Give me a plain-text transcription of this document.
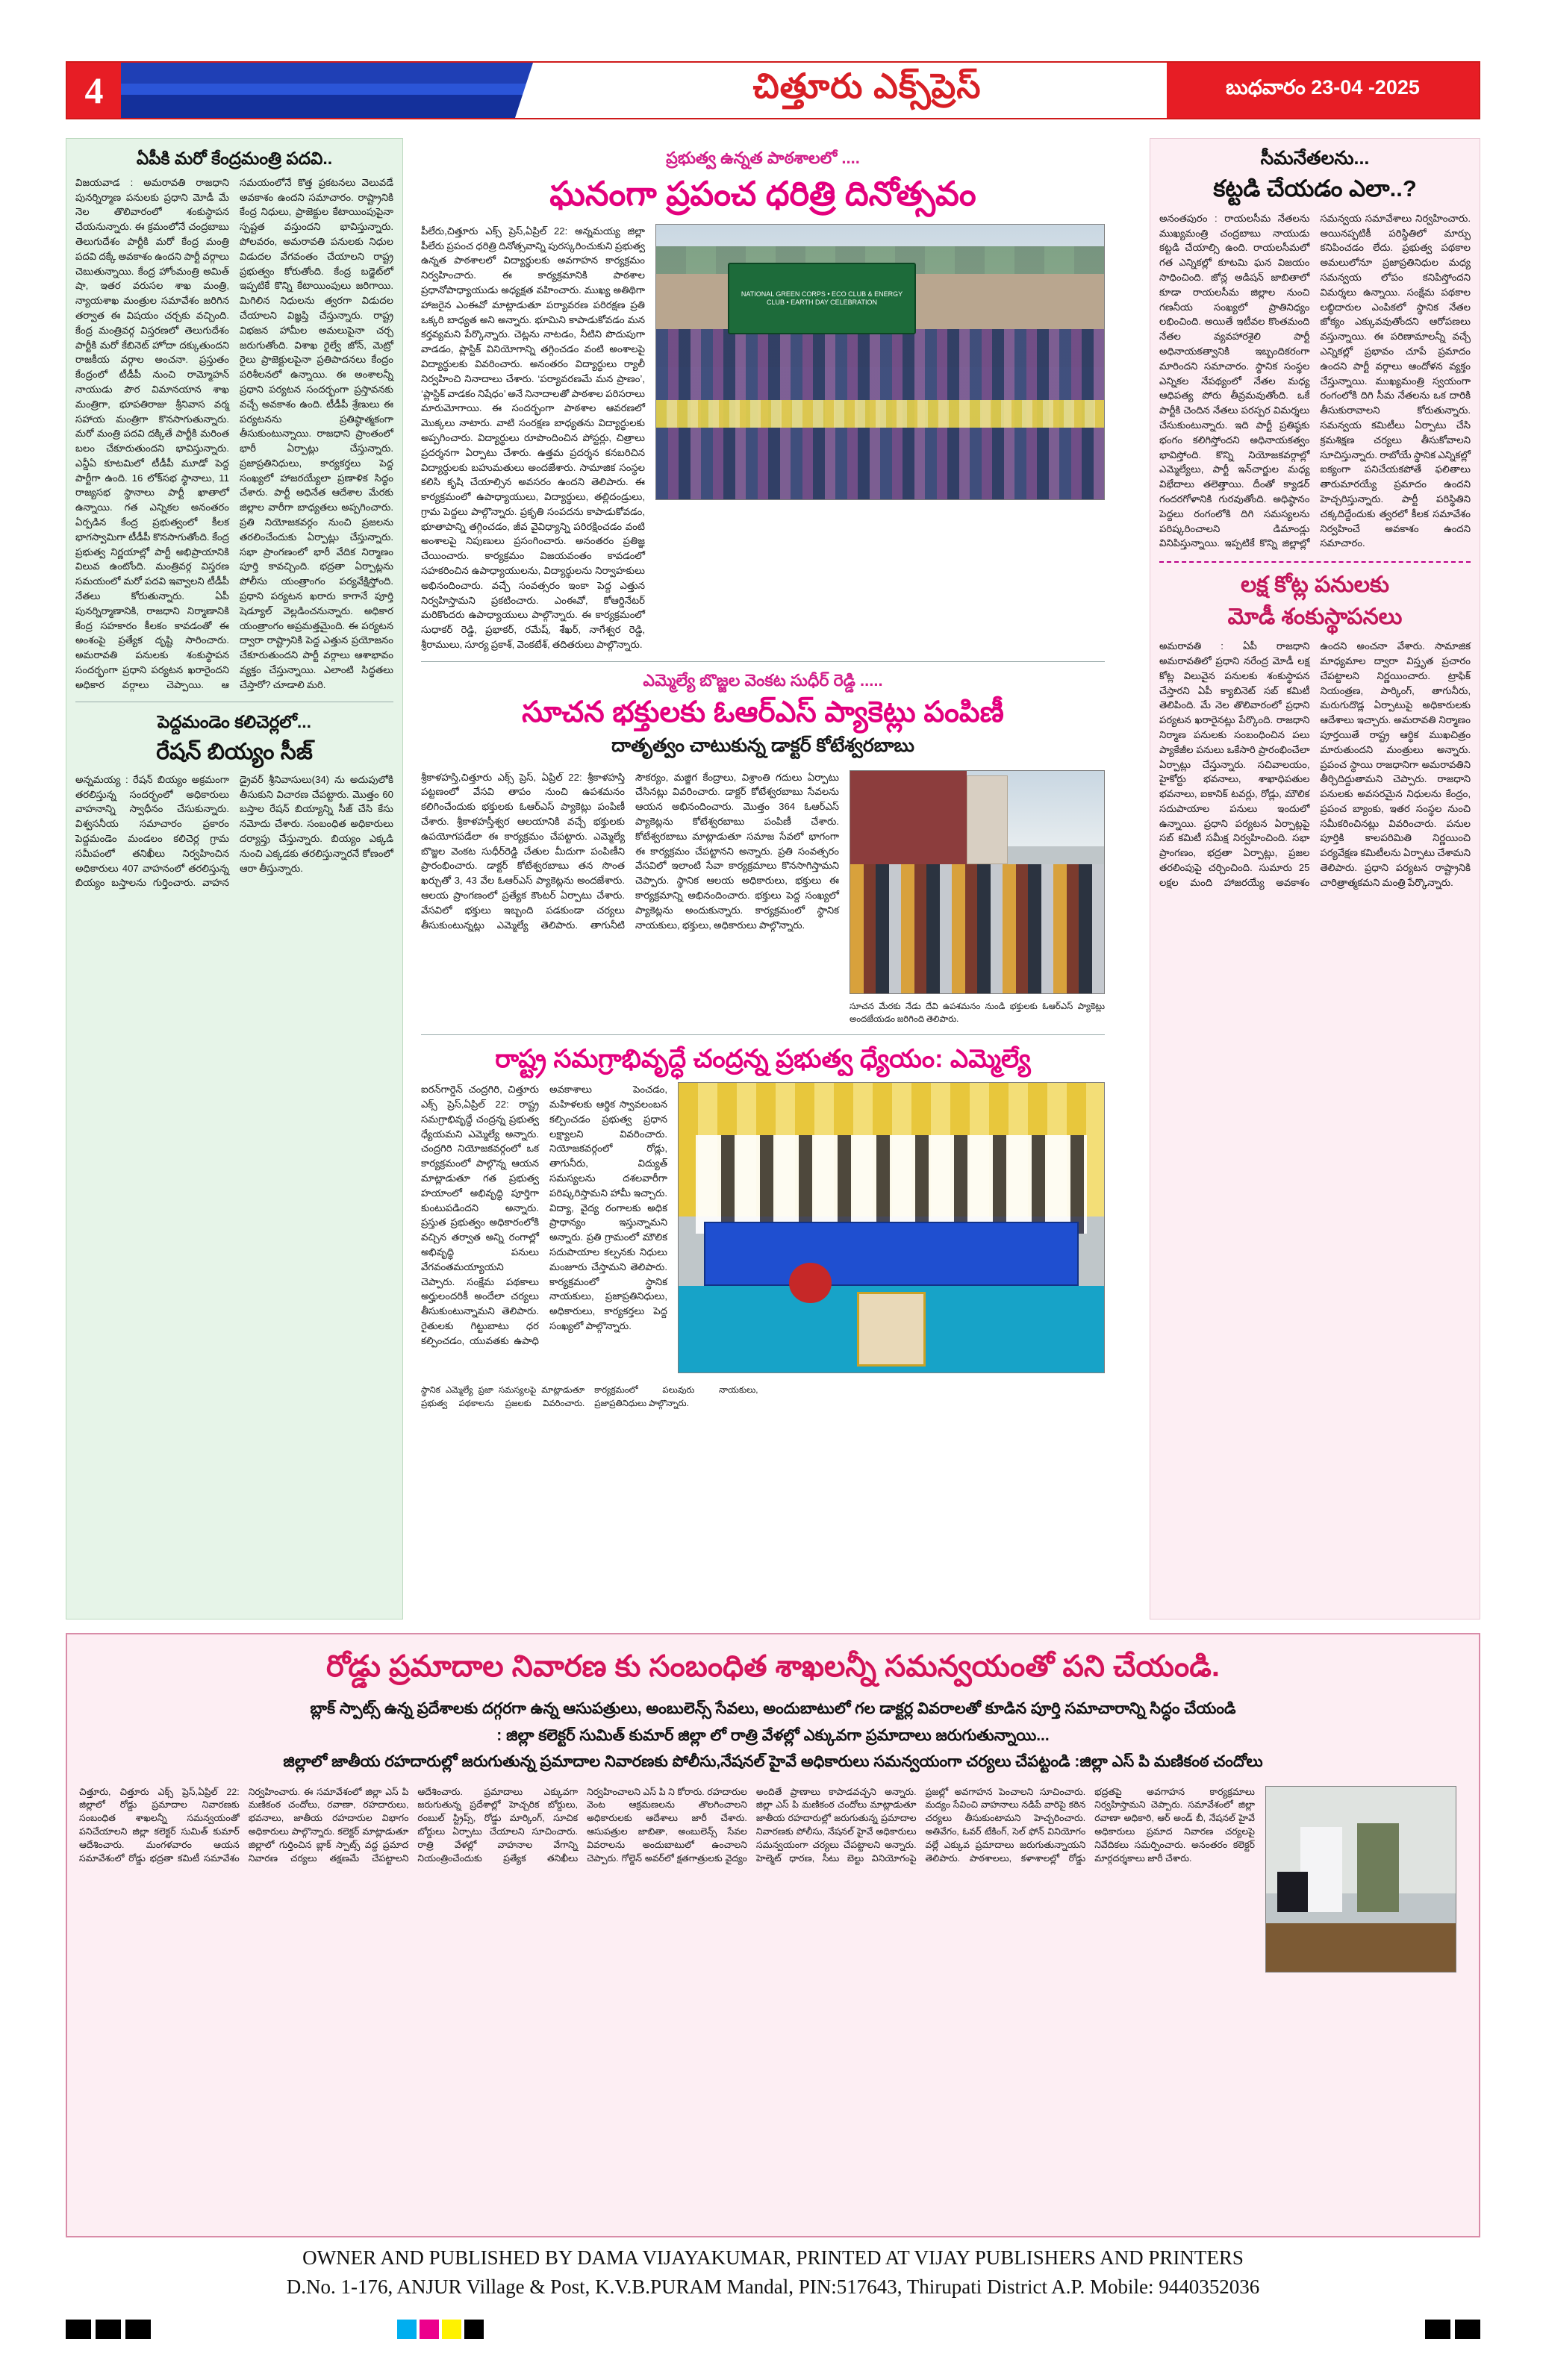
4	చిత్తూరు ఎక్స్‌ప్రెస్	బుధవారం 23-04 -2025
ఏపీకి మరో కేంద్రమంత్రి పదవి..
విజయవాడ : అమరావతి రాజధాని పునర్నిర్మాణ పనులకు ప్రధాని మోడీ మే నెల తొలివారంలో శంకుస్థాపన చేయనున్నారు. ఈ క్రమంలోనే చంద్రబాబు తెలుగుదేశం పార్టీకి మరో కేంద్ర మంత్రి పదవి దక్కే అవకాశం ఉందని పార్టీ వర్గాలు చెబుతున్నాయి. కేంద్ర హోంమంత్రి అమిత్ షా, ఇతర వరుసల శాఖ మంత్రి, న్యాయశాఖ మంత్రుల సమావేశం జరిగిన తర్వాత ఈ విషయం చర్చకు వచ్చింది. కేంద్ర మంత్రివర్గ విస్తరణలో తెలుగుదేశం పార్టీకి మరో కేబినెట్ హోదా దక్కుతుందని రాజకీయ వర్గాల అంచనా. ప్రస్తుతం కేంద్రంలో టీడీపీ నుంచి రామ్మోహన్ నాయుడు పౌర విమానయాన శాఖ మంత్రిగా, భూపతిరాజు శ్రీనివాస వర్మ సహాయ మంత్రిగా కొనసాగుతున్నారు. మరో మంత్రి పదవి దక్కితే పార్టీకి మరింత బలం చేకూరుతుందని భావిస్తున్నారు. ఎన్డీఏ కూటమిలో టీడీపీ మూడో పెద్ద పార్టీగా ఉంది. 16 లోక్‌సభ స్థానాలు, 11 రాజ్యసభ స్థానాలు పార్టీ ఖాతాలో ఉన్నాయి. గత ఎన్నికల అనంతరం ఏర్పడిన కేంద్ర ప్రభుత్వంలో కీలక భాగస్వామిగా టీడీపీ కొనసాగుతోంది. కేంద్ర ప్రభుత్వ నిర్ణయాల్లో పార్టీ అభిప్రాయానికి విలువ ఉంటోంది. మంత్రివర్గ విస్తరణ సమయంలో మరో పదవి ఇవ్వాలని టీడీపీ నేతలు కోరుతున్నారు. ఏపీ పునర్నిర్మాణానికి, రాజధాని నిర్మాణానికి కేంద్ర సహకారం కీలకం కావడంతో ఈ అంశంపై ప్రత్యేక దృష్టి సారించారు. అమరావతి పనులకు శంకుస్థాపన సందర్భంగా ప్రధాని పర్యటన ఖరారైందని అధికార వర్గాలు చెప్పాయి. ఆ సమయంలోనే కొత్త ప్రకటనలు వెలువడే అవకాశం ఉందని సమాచారం. రాష్ట్రానికి కేంద్ర నిధులు, ప్రాజెక్టుల కేటాయింపుపైనా స్పష్టత వస్తుందని భావిస్తున్నారు. పోలవరం, అమరావతి పనులకు నిధుల విడుదల వేగవంతం చేయాలని రాష్ట్ర ప్రభుత్వం కోరుతోంది. కేంద్ర బడ్జెట్‌లో ఇప్పటికే కొన్ని కేటాయింపులు జరిగాయి. మిగిలిన నిధులను త్వరగా విడుదల చేయాలని విజ్ఞప్తి చేస్తున్నారు. రాష్ట్ర విభజన హామీల అమలుపైనా చర్చ జరుగుతోంది. విశాఖ రైల్వే జోన్, మెట్రో రైలు ప్రాజెక్టులపైనా ప్రతిపాదనలు కేంద్రం పరిశీలనలో ఉన్నాయి. ఈ అంశాలన్నీ ప్రధాని పర్యటన సందర్భంగా ప్రస్తావనకు వచ్చే అవకాశం ఉంది. టీడీపీ శ్రేణులు ఈ పర్యటనను ప్రతిష్ఠాత్మకంగా తీసుకుంటున్నాయి. రాజధాని ప్రాంతంలో భారీ ఏర్పాట్లు చేస్తున్నారు. ప్రజాప్రతినిధులు, కార్యకర్తలు పెద్ద సంఖ్యలో హాజరయ్యేలా ప్రణాళిక సిద్ధం చేశారు. పార్టీ అధినేత ఆదేశాల మేరకు జిల్లాల వారీగా బాధ్యతలు అప్పగించారు. ప్రతి నియోజకవర్గం నుంచి ప్రజలను తరలించేందుకు ఏర్పాట్లు చేస్తున్నారు. సభా ప్రాంగణంలో భారీ వేదిక నిర్మాణం పూర్తి కావచ్చింది. భద్రతా ఏర్పాట్లను పోలీసు యంత్రాంగం పర్యవేక్షిస్తోంది. ప్రధాని పర్యటన ఖరారు కాగానే పూర్తి షెడ్యూల్ వెల్లడించనున్నారు. అధికార యంత్రాంగం అప్రమత్తమైంది. ఈ పర్యటన ద్వారా రాష్ట్రానికి పెద్ద ఎత్తున ప్రయోజనం చేకూరుతుందని పార్టీ వర్గాలు ఆశాభావం వ్యక్తం చేస్తున్నాయి. ఎలాంటి సిద్ధతలు చేస్తారో? చూడాలి మరి.
పెద్దమండెం కలిచెర్లలో...
రేషన్ బియ్యం సీజ్
అన్నమయ్య : రేషన్ బియ్యం అక్రమంగా తరలిస్తున్న సందర్భంలో అధికారులు వాహనాన్ని స్వాధీనం చేసుకున్నారు. విశ్వసనీయ సమాచారం ప్రకారం పెద్దమండెం మండలం కలిచెర్ల గ్రామ సమీపంలో తనిఖీలు నిర్వహించిన అధికారులు 407 వాహనంలో తరలిస్తున్న బియ్యం బస్తాలను గుర్తించారు. వాహన డ్రైవర్ శ్రీనివాసులు(34) ను అదుపులోకి తీసుకుని విచారణ చేపట్టారు. మొత్తం 60 బస్తాల రేషన్ బియ్యాన్ని సీజ్ చేసి కేసు నమోదు చేశారు. సంబంధిత అధికారులు దర్యాప్తు చేస్తున్నారు. బియ్యం ఎక్కడి నుంచి ఎక్కడకు తరలిస్తున్నారనే కోణంలో ఆరా తీస్తున్నారు.
ప్రభుత్వ ఉన్నత పాఠశాలలో ....
ఘనంగా ప్రపంచ ధరిత్రి దినోత్సవం
పీలేరు,చిత్తూరు ఎక్స్ ప్రెస్,ఏప్రిల్ 22: అన్నమయ్య జిల్లా పీలేరు ప్రపంచ ధరిత్రి దినోత్సవాన్ని పురస్కరించుకుని ప్రభుత్వ ఉన్నత పాఠశాలలో విద్యార్థులకు అవగాహన కార్యక్రమం నిర్వహించారు. ఈ కార్యక్రమానికి పాఠశాల ప్రధానోపాధ్యాయుడు అధ్యక్షత వహించారు. ముఖ్య అతిథిగా హాజరైన ఎంఈవో మాట్లాడుతూ పర్యావరణ పరిరక్షణ ప్రతి ఒక్కరి బాధ్యత అని అన్నారు. భూమిని కాపాడుకోవడం మన కర్తవ్యమని పేర్కొన్నారు. చెట్లను నాటడం, నీటిని పొదుపుగా వాడడం, ప్లాస్టిక్ వినియోగాన్ని తగ్గించడం వంటి అంశాలపై విద్యార్థులకు వివరించారు. అనంతరం విద్యార్థులు ర్యాలీ నిర్వహించి నినాదాలు చేశారు. ‘పర్యావరణమే మన ప్రాణం’, ‘ప్లాస్టిక్ వాడకం నిషేధం’ అనే నినాదాలతో పాఠశాల పరిసరాలు మారుమోగాయి. ఈ సందర్భంగా పాఠశాల ఆవరణలో మొక్కలు నాటారు. వాటి సంరక్షణ బాధ్యతను విద్యార్థులకు అప్పగించారు. విద్యార్థులు రూపొందించిన పోస్టర్లు, చిత్రాలు ప్రదర్శనగా ఏర్పాటు చేశారు. ఉత్తమ ప్రదర్శన కనబరిచిన విద్యార్థులకు బహుమతులు అందజేశారు. సామాజిక సంస్థల కలిసి కృషి చేయాల్సిన అవసరం ఉందని తెలిపారు. ఈ కార్యక్రమంలో ఉపాధ్యాయులు, విద్యార్థులు, తల్లిదండ్రులు, గ్రామ పెద్దలు పాల్గొన్నారు. ప్రకృతి సంపదను కాపాడుకోవడం, భూతాపాన్ని తగ్గించడం, జీవ వైవిధ్యాన్ని పరిరక్షించడం వంటి అంశాలపై నిపుణులు ప్రసంగించారు. అనంతరం ప్రతిజ్ఞ చేయించారు. కార్యక్రమం విజయవంతం కావడంలో సహకరించిన ఉపాధ్యాయులను, విద్యార్థులను నిర్వాహకులు అభినందించారు. వచ్చే సంవత్సరం ఇంకా పెద్ద ఎత్తున నిర్వహిస్తామని ప్రకటించారు. ఎంఈవో, కోఆర్డినేటర్ మరికొందరు ఉపాధ్యాయులు పాల్గొన్నారు. ఈ కార్యక్రమంలో సుధాకర్ రెడ్డి, ప్రభాకర్, రమేష్, శేఖర్, నాగేశ్వర రెడ్డి, శ్రీరాములు, సూర్య ప్రకాశ్, వెంకటేశ్, తదితరులు పాల్గొన్నారు.
NATIONAL GREEN CORPS • ECO CLUB & ENERGY CLUB • EARTH DAY CELEBRATION
ఎమ్మెల్యే బొజ్జల వెంకట సుధీర్ రెడ్డి .....
సూచన భక్తులకు ఓఆర్ఎస్ ప్యాకెట్లు పంపిణీ
దాతృత్వం చాటుకున్న డాక్టర్ కోటేశ్వరబాబు
శ్రీకాళహస్తి,చిత్తూరు ఎక్స్ ప్రెస్, ఏప్రిల్ 22: శ్రీకాళహస్తి పట్టణంలో వేసవి తాపం నుంచి ఉపశమనం కలిగించేందుకు భక్తులకు ఓఆర్ఎస్ ప్యాకెట్లు పంపిణీ చేశారు. శ్రీకాళహస్తీశ్వర ఆలయానికి వచ్చే భక్తులకు ఉపయోగపడేలా ఈ కార్యక్రమం చేపట్టారు. ఎమ్మెల్యే బొజ్జల వెంకట సుధీర్‌రెడ్డి చేతుల మీదుగా పంపిణీని ప్రారంభించారు. డాక్టర్ కోటేశ్వరబాబు తన సొంత ఖర్చుతో 3, 43 వేల ఓఆర్ఎస్ ప్యాకెట్లను అందజేశారు. ఆలయ ప్రాంగణంలో ప్రత్యేక కౌంటర్ ఏర్పాటు చేశారు. వేసవిలో భక్తులు ఇబ్బంది పడకుండా చర్యలు తీసుకుంటున్నట్లు ఎమ్మెల్యే తెలిపారు. తాగునీటి సౌకర్యం, మజ్జిగ కేంద్రాలు, విశ్రాంతి గదులు ఏర్పాటు చేసినట్లు వివరించారు. డాక్టర్ కోటేశ్వరబాబు సేవలను ఆయన అభినందించారు. మొత్తం 364 ఓఆర్ఎస్ ప్యాకెట్లను కోటేశ్వరబాబు పంపిణీ చేశారు. కోటేశ్వరబాబు మాట్లాడుతూ సమాజ సేవలో భాగంగా ఈ కార్యక్రమం చేపట్టానని అన్నారు. ప్రతి సంవత్సరం వేసవిలో ఇలాంటి సేవా కార్యక్రమాలు కొనసాగిస్తామని చెప్పారు. స్థానిక ఆలయ అధికారులు, భక్తులు ఈ కార్యక్రమాన్ని అభినందించారు. భక్తులు పెద్ద సంఖ్యలో ప్యాకెట్లను అందుకున్నారు. కార్యక్రమంలో స్థానిక నాయకులు, భక్తులు, అధికారులు పాల్గొన్నారు.
సూచన మేరకు నేడు దేవి ఉపశమనం నుండి భక్తులకు ఓఆర్ఎస్ ప్యాకెట్లు అందజేయడం జరిగింది తెలిపారు.
రాష్ట్ర సమగ్రాభివృద్ధే చంద్రన్న ప్రభుత్వ ధ్యేయం: ఎమ్మెల్యే
ఐరన్‌గార్డెన్ చంద్రగిరి, చిత్తూరు ఎక్స్ ప్రెస్,ఏప్రిల్ 22: రాష్ట్ర సమగ్రాభివృద్ధే చంద్రన్న ప్రభుత్వ ధ్యేయమని ఎమ్మెల్యే అన్నారు. చంద్రగిరి నియోజకవర్గంలో ఒక కార్యక్రమంలో పాల్గొన్న ఆయన మాట్లాడుతూ గత ప్రభుత్వ హయాంలో అభివృద్ధి పూర్తిగా కుంటుపడిందని అన్నారు. ప్రస్తుత ప్రభుత్వం అధికారంలోకి వచ్చిన తర్వాత అన్ని రంగాల్లో అభివృద్ధి పనులు వేగవంతమయ్యాయని చెప్పారు. సంక్షేమ పథకాలు అర్హులందరికీ అందేలా చర్యలు తీసుకుంటున్నామని తెలిపారు. రైతులకు గిట్టుబాటు ధర కల్పించడం, యువతకు ఉపాధి అవకాశాలు పెంచడం, మహిళలకు ఆర్థిక స్వావలంబన కల్పించడం ప్రభుత్వ ప్రధాన లక్ష్యాలని వివరించారు. నియోజకవర్గంలో రోడ్లు, తాగునీరు, విద్యుత్ సమస్యలను దశలవారీగా పరిష్కరిస్తామని హామీ ఇచ్చారు. విద్యా, వైద్య రంగాలకు అధిక ప్రాధాన్యం ఇస్తున్నామని అన్నారు. ప్రతి గ్రామంలో మౌలిక సదుపాయాల కల్పనకు నిధులు మంజూరు చేస్తామని తెలిపారు. కార్యక్రమంలో స్థానిక నాయకులు, ప్రజాప్రతినిధులు, అధికారులు, కార్యకర్తలు పెద్ద సంఖ్యలో పాల్గొన్నారు.
స్థానిక ఎమ్మెల్యే ప్రజా సమస్యలపై మాట్లాడుతూ ప్రభుత్వ పథకాలను ప్రజలకు వివరించారు. కార్యక్రమంలో పలువురు నాయకులు, ప్రజాప్రతినిధులు పాల్గొన్నారు.
సీమనేతలను...
కట్టడి చేయడం ఎలా..?
అనంతపురం : రాయలసీమ నేతలను ముఖ్యమంత్రి చంద్రబాబు నాయుడు కట్టడి చేయాల్సి ఉంది. రాయలసీమలో గత ఎన్నికల్లో కూటమి ఘన విజయం సాధించింది. జోన్ల అడిషన్ జాబితాలో కూడా రాయలసీమ జిల్లాల నుంచి గణనీయ సంఖ్యలో ప్రాతినిధ్యం లభించింది. అయితే ఇటీవల కొంతమంది నేతల వ్యవహారశైలి పార్టీ అధినాయకత్వానికి ఇబ్బందికరంగా మారిందని సమాచారం. స్థానిక సంస్థల ఎన్నికల నేపథ్యంలో నేతల మధ్య ఆధిపత్య పోరు తీవ్రమవుతోంది. ఒకే పార్టీకి చెందిన నేతలు పరస్పర విమర్శలు చేసుకుంటున్నారు. ఇది పార్టీ ప్రతిష్ఠకు భంగం కలిగిస్తోందని అధినాయకత్వం భావిస్తోంది. కొన్ని నియోజకవర్గాల్లో ఎమ్మెల్యేలు, పార్టీ ఇన్‌చార్జుల మధ్య విభేదాలు తలెత్తాయి. దీంతో క్యాడర్ గందరగోళానికి గురవుతోంది. అధిష్ఠానం పెద్దలు రంగంలోకి దిగి సమస్యలను పరిష్కరించాలని డిమాండ్లు వినిపిస్తున్నాయి. ఇప్పటికే కొన్ని జిల్లాల్లో సమన్వయ సమావేశాలు నిర్వహించారు. అయినప్పటికీ పరిస్థితిలో మార్పు కనిపించడం లేదు. ప్రభుత్వ పథకాల అమలులోనూ ప్రజాప్రతినిధుల మధ్య సమన్వయ లోపం కనిపిస్తోందని విమర్శలు ఉన్నాయి. సంక్షేమ పథకాల లబ్ధిదారుల ఎంపికలో స్థానిక నేతల జోక్యం ఎక్కువవుతోందని ఆరోపణలు వస్తున్నాయి. ఈ పరిణామాలన్నీ వచ్చే ఎన్నికల్లో ప్రభావం చూపే ప్రమాదం ఉందని పార్టీ వర్గాలు ఆందోళన వ్యక్తం చేస్తున్నాయి. ముఖ్యమంత్రి స్వయంగా రంగంలోకి దిగి సీమ నేతలను ఒక దారికి తీసుకురావాలని కోరుతున్నారు. సమన్వయ కమిటీలు ఏర్పాటు చేసి క్రమశిక్షణ చర్యలు తీసుకోవాలని సూచిస్తున్నారు. రాబోయే స్థానిక ఎన్నికల్లో ఐక్యంగా పనిచేయకపోతే ఫలితాలు తారుమారయ్యే ప్రమాదం ఉందని హెచ్చరిస్తున్నారు. పార్టీ పరిస్థితిని చక్కదిద్దేందుకు త్వరలో కీలక సమావేశం నిర్వహించే అవకాశం ఉందని సమాచారం.
లక్ష కోట్ల పనులకు
మోడీ శంకుస్థాపనలు
అమరావతి : ఏపీ రాజధాని అమరావతిలో ప్రధాని నరేంద్ర మోడీ లక్ష కోట్ల విలువైన పనులకు శంకుస్థాపన చేస్తారని ఏపీ క్యాబినెట్ సబ్ కమిటీ తెలిపింది. మే నెల తొలివారంలో ప్రధాని పర్యటన ఖరారైనట్లు పేర్కొంది. రాజధాని నిర్మాణ పనులకు సంబంధించిన పలు ప్యాకేజీల పనులు ఒకేసారి ప్రారంభించేలా ఏర్పాట్లు చేస్తున్నారు. సచివాలయం, హైకోర్టు భవనాలు, శాఖాధిపతుల భవనాలు, ఐకానిక్ టవర్లు, రోడ్లు, మౌలిక సదుపాయాల పనులు ఇందులో ఉన్నాయి. ప్రధాని పర్యటన ఏర్పాట్లపై సబ్ కమిటీ సమీక్ష నిర్వహించింది. సభా ప్రాంగణం, భద్రతా ఏర్పాట్లు, ప్రజల తరలింపుపై చర్చించింది. సుమారు 25 లక్షల మంది హాజరయ్యే అవకాశం ఉందని అంచనా వేశారు. సామాజిక మాధ్యమాల ద్వారా విస్తృత ప్రచారం చేపట్టాలని నిర్ణయించారు. ట్రాఫిక్ నియంత్రణ, పార్కింగ్, తాగునీరు, మరుగుదొడ్ల ఏర్పాటుపై అధికారులకు ఆదేశాలు ఇచ్చారు. అమరావతి నిర్మాణం పూర్తయితే రాష్ట్ర ఆర్థిక ముఖచిత్రం మారుతుందని మంత్రులు అన్నారు. ప్రపంచ స్థాయి రాజధానిగా అమరావతిని తీర్చిదిద్దుతామని చెప్పారు. రాజధాని పనులకు అవసరమైన నిధులను కేంద్రం, ప్రపంచ బ్యాంకు, ఇతర సంస్థల నుంచి సమీకరించినట్లు వివరించారు. పనుల పూర్తికి కాలపరిమితి నిర్ణయించి పర్యవేక్షణ కమిటీలను ఏర్పాటు చేశామని తెలిపారు. ప్రధాని పర్యటన రాష్ట్రానికి చారిత్రాత్మకమని మంత్రి పేర్కొన్నారు.
రోడ్డు ప్రమాదాల నివారణ కు సంబంధిత శాఖలన్నీ సమన్వయంతో పని చేయండి.
బ్లాక్ స్పాట్స్ ఉన్న ప్రదేశాలకు దగ్గరగా ఉన్న ఆసుపత్రులు, అంబులెన్స్ సేవలు, అందుబాటులో గల డాక్టర్ల వివరాలతో కూడిన పూర్తి సమాచారాన్ని సిద్ధం చేయండి
: జిల్లా కలెక్టర్ సుమిత్ కుమార్ జిల్లా లో రాత్రి వేళల్లో ఎక్కువగా ప్రమాదాలు జరుగుతున్నాయి...
జిల్లాలో జాతీయ రహదారుల్లో జరుగుతున్న ప్రమాదాల నివారణకు పోలీసు,నేషనల్ హైవే అధికారులు సమన్వయంగా చర్యలు చేపట్టండి :జిల్లా ఎస్ పి మణికంఠ చందోలు
చిత్తూరు, చిత్తూరు ఎక్స్ ప్రెస్,ఏప్రిల్ 22: జిల్లాలో రోడ్డు ప్రమాదాల నివారణకు సంబంధిత శాఖలన్నీ సమన్వయంతో పనిచేయాలని జిల్లా కలెక్టర్ సుమిత్ కుమార్ ఆదేశించారు. మంగళవారం ఆయన సమావేశంలో రోడ్డు భద్రతా కమిటీ సమావేశం నిర్వహించారు. ఈ సమావేశంలో జిల్లా ఎస్ పి మణికంఠ చందోలు, రవాణా, రహదారులు, భవనాలు, జాతీయ రహదారుల విభాగం అధికారులు పాల్గొన్నారు. కలెక్టర్ మాట్లాడుతూ జిల్లాలో గుర్తించిన బ్లాక్ స్పాట్స్ వద్ద ప్రమాద నివారణ చర్యలు తక్షణమే చేపట్టాలని ఆదేశించారు. ప్రమాదాలు ఎక్కువగా జరుగుతున్న ప్రదేశాల్లో హెచ్చరిక బోర్డులు, రంబుల్ స్ట్రిప్స్, రోడ్డు మార్కింగ్, సూచిక బోర్డులు ఏర్పాటు చేయాలని సూచించారు. రాత్రి వేళల్లో వాహనాల వేగాన్ని నియంత్రించేందుకు ప్రత్యేక తనిఖీలు నిర్వహించాలని ఎస్ పి ని కోరారు. రహదారుల వెంట ఆక్రమణలను తొలగించాలని అధికారులకు ఆదేశాలు జారీ చేశారు. ఆసుపత్రుల జాబితా, అంబులెన్స్ సేవల వివరాలను అందుబాటులో ఉంచాలని చెప్పారు. గోల్డెన్ అవర్‌లో క్షతగాత్రులకు వైద్యం అందితే ప్రాణాలు కాపాడవచ్చని అన్నారు. జిల్లా ఎస్ పి మణికంఠ చందోలు మాట్లాడుతూ జాతీయ రహదారుల్లో జరుగుతున్న ప్రమాదాల నివారణకు పోలీసు, నేషనల్ హైవే అధికారులు సమన్వయంగా చర్యలు చేపట్టాలని అన్నారు. హెల్మెట్ ధారణ, సీటు బెల్టు వినియోగంపై ప్రజల్లో అవగాహన పెంచాలని సూచించారు. మద్యం సేవించి వాహనాలు నడిపే వారిపై కఠిన చర్యలు తీసుకుంటామని హెచ్చరించారు. అతివేగం, ఓవర్ టేకింగ్, సెల్ ఫోన్ వినియోగం వల్లే ఎక్కువ ప్రమాదాలు జరుగుతున్నాయని తెలిపారు. పాఠశాలలు, కళాశాలల్లో రోడ్డు భద్రతపై అవగాహన కార్యక్రమాలు నిర్వహిస్తామని చెప్పారు. సమావేశంలో జిల్లా రవాణా అధికారి, ఆర్ అండ్ బీ, నేషనల్ హైవే అధికారులు ప్రమాద నివారణ చర్యలపై నివేదికలు సమర్పించారు. అనంతరం కలెక్టర్ మార్గదర్శకాలు జారీ చేశారు.
OWNER AND PUBLISHED BY DAMA VIJAYAKUMAR, PRINTED AT VIJAY PUBLISHERS AND PRINTERS
D.No. 1-176, ANJUR Village & Post, K.V.B.PURAM Mandal, PIN:517643, Thirupati District A.P. Mobile: 9440352036
